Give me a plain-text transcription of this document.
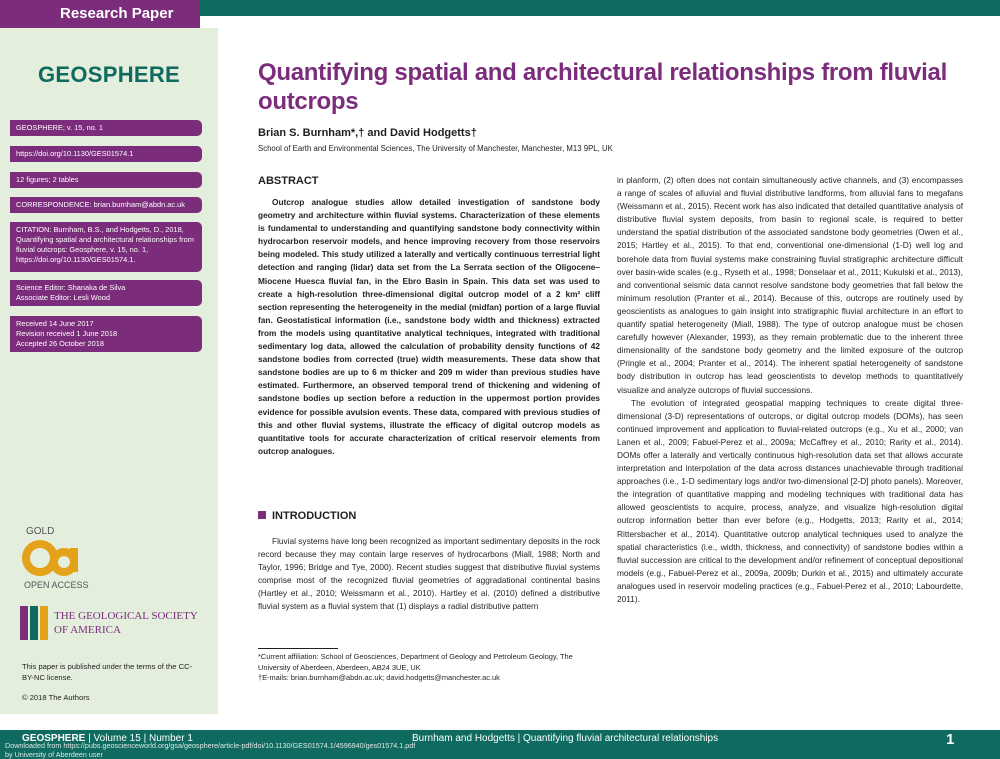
Research Paper
GEOSPHERE
GEOSPHERE; v. 15, no. 1
https://doi.org/10.1130/GES01574.1
12 figures; 2 tables
CORRESPONDENCE: brian.burnham@abdn.ac.uk
CITATION: Burnham, B.S., and Hodgetts, D., 2018, Quantifying spatial and architectural relationships from fluvial outcrops: Geosphere, v. 15, no. 1, https://doi.org/10.1130/GES01574.1.
Science Editor: Shanaka de Silva
Associate Editor: Lesli Wood
Received 14 June 2017
Revision received 1 June 2018
Accepted 26 October 2018
GOLD
OPEN ACCESS
THE GEOLOGICAL SOCIETY
OF AMERICA
This paper is published under the terms of the CC-BY-NC license.
© 2018 The Authors
Quantifying spatial and architectural relationships from fluvial outcrops
Brian S. Burnham*,† and David Hodgetts†
School of Earth and Environmental Sciences, The University of Manchester, Manchester, M13 9PL, UK
ABSTRACT

Outcrop analogue studies allow detailed investigation of sandstone body geometry and architecture within fluvial systems. Characterization of these elements is fundamental to understanding and quantifying sandstone body connectivity within hydrocarbon reservoir models, and hence improving recovery from those reservoirs being modeled. This study utilized a laterally and vertically continuous terrestrial light detection and ranging (lidar) data set from the La Serrata section of the Oligocene–Miocene Huesca fluvial fan, in the Ebro Basin in Spain. This data set was used to create a high-resolution three-dimensional digital outcrop model of a 2 km² cliff section representing the heterogeneity in the medial (midfan) portion of a large fluvial fan. Geostatistical information (i.e., sandstone body width and thickness) extracted from the models using quantitative analytical techniques, integrated with traditional sedimentary log data, allowed the calculation of probability density functions of 42 sandstone bodies from corrected (true) width measurements. These data show that sandstone bodies are up to 6 m thicker and 209 m wider than previous studies have estimated. Furthermore, an observed temporal trend of thickening and widening of sandstone bodies up section before a reduction in the uppermost portion provides evidence for possible avulsion events. These data, compared with previous studies of this and other fluvial systems, illustrate the efficacy of digital outcrop models as quantitative tools for accurate characterization of critical reservoir elements from outcrop analogues.

INTRODUCTION

Fluvial systems have long been recognized as important sedimentary deposits in the rock record because they may contain large reserves of hydrocarbons (Miall, 1988; North and Taylor, 1996; Bridge and Tye, 2000). Recent studies suggest that distributive fluvial systems comprise most of the recognized fluvial geometries of aggradational continental basins (Hartley et al., 2010; Weissmann et al., 2010). Hartley et al. (2010) defined a distributive fluvial system as a fluvial system that (1) displays a radial distributive pattern

*Current affiliation: School of Geosciences, Department of Geology and Petroleum Geology, The University of Aberdeen, Aberdeen, AB24 3UE, UK
†E-mails: brian.burnham@abdn.ac.uk; david.hodgetts@manchester.ac.uk

in planform, (2) often does not contain simultaneously active channels, and (3) encompasses a range of scales of alluvial and fluvial distributive landforms, from alluvial fans to megafans (Weissmann et al., 2015). Recent work has also indicated that detailed quantitative analysis of distributive fluvial system deposits, from basin to regional scale, is required to better understand the spatial distribution of the associated sandstone body geometries (Owen et al., 2015; Hartley et al., 2015). To that end, conventional one-dimensional (1-D) well log and borehole data from fluvial systems make constraining fluvial stratigraphic architecture difficult over basin-wide scales (e.g., Ryseth et al., 1998; Donselaar et al., 2011; Kukulski et al., 2013), and conventional seismic data cannot resolve sandstone body geometries that fall below the minimum resolution (Pranter et al., 2014). Because of this, outcrops are routinely used by geoscientists as analogues to gain insight into stratigraphic fluvial architecture in an effort to quantify spatial heterogeneity (Miall, 1988). The type of outcrop analogue must be chosen carefully however (Alexander, 1993), as they remain problematic due to the inherent three dimensionality of the sandstone body geometry and the limited exposure of the outcrop (Pringle et al., 2004; Pranter et al., 2014). The inherent spatial heterogeneity of sandstone body distribution in outcrop has lead geoscientists to develop methods to quantitatively visualize and analyze outcrops of fluvial successions.

The evolution of integrated geospatial mapping techniques to create digital three-dimensional (3-D) representations of outcrops, or digital outcrop models (DOMs), has seen continued improvement and application to fluvial-related outcrops (e.g., Xu et al., 2000; van Lanen et al., 2009; Fabuel-Perez et al., 2009a; McCaffrey et al., 2010; Rarity et al., 2014). DOMs offer a laterally and vertically continuous high-resolution data set that allows accurate interpretation and interpolation of the data across distances unachievable through traditional approaches (i.e., 1-D sedimentary logs and/or two-dimensional [2-D] photo panels). Moreover, the integration of quantitative mapping and modeling techniques with traditional data has allowed geoscientists to acquire, process, analyze, and visualize high-resolution digital outcrop information better than ever before (e.g., Hodgetts, 2013; Rarity et al., 2014; Rittersbacher et al., 2014). Quantitative outcrop analytical techniques used to analyze the spatial characteristics (i.e., width, thickness, and connectivity) of sandstone bodies within a fluvial succession are critical to the development and/or refinement of conceptual depositional models (e.g., Fabuel-Perez et al., 2009a, 2009b; Durkin et al., 2015) and ultimately accurate analogues used in reservoir modeling practices (e.g., Fabuel-Perez et al., 2010; Labourdette, 2011).

GEOSPHERE | Volume 15 | Number 1	Burnham and Hodgetts | Quantifying fluvial architectural relationships	1
Downloaded from https://pubs.geoscienceworld.org/gsa/geosphere/article-pdf/doi/10.1130/GES01574.1/4596940/ges01574.1.pdf
by University of Aberdeen user
